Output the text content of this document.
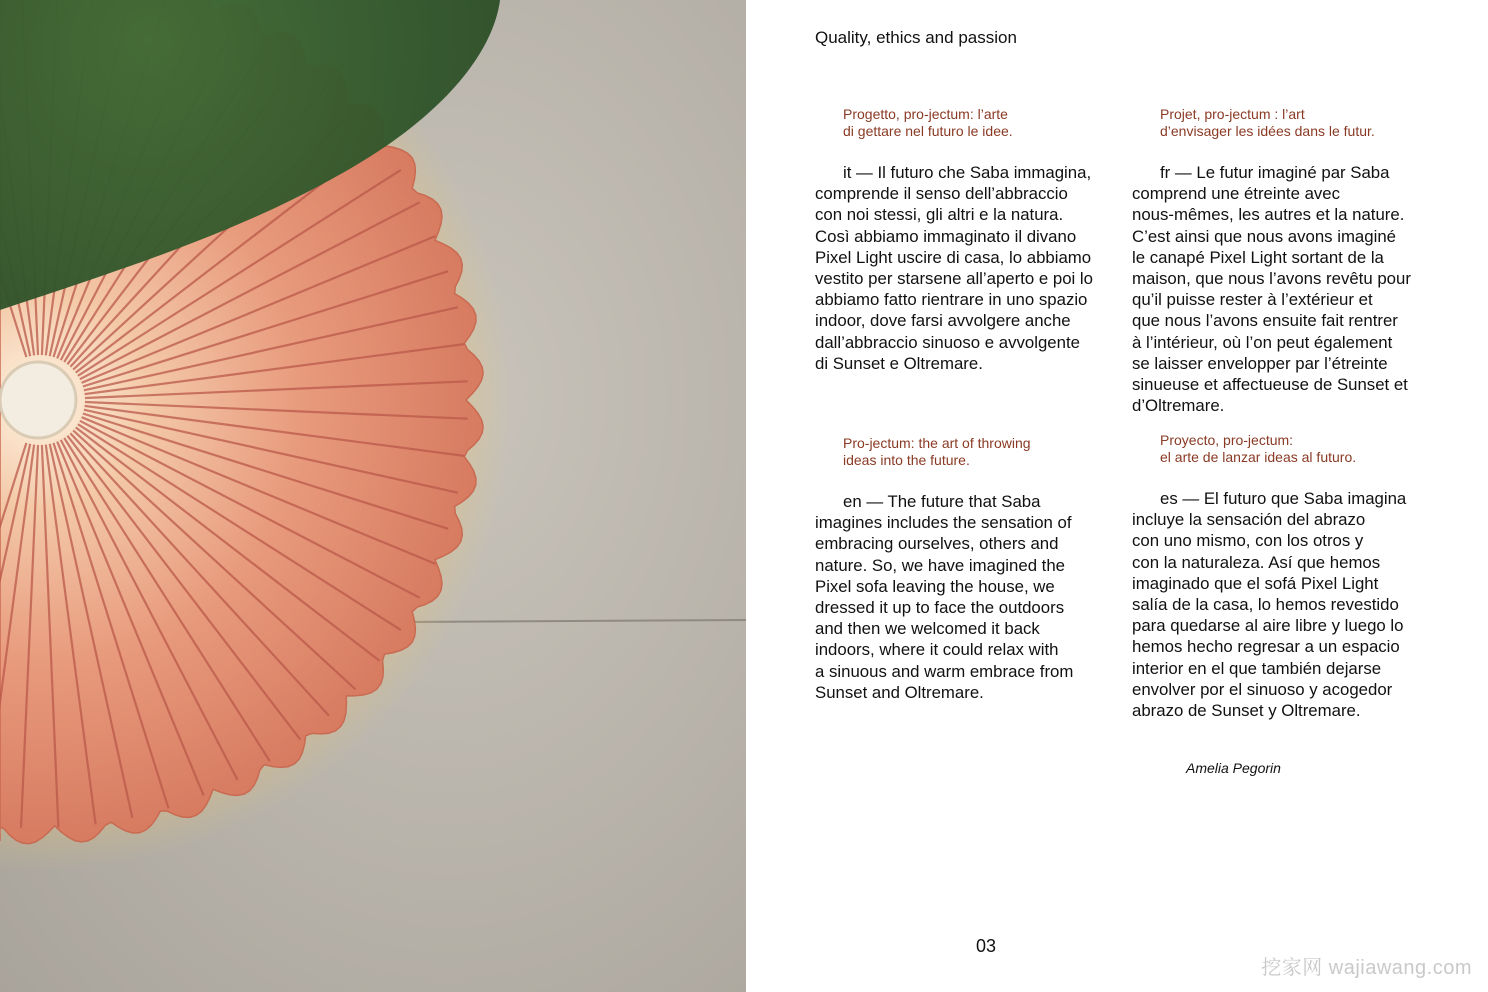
Quality, ethics and passion
Progetto, pro-jectum: l’arte
di gettare nel futuro le idee.
it — Il futuro che Saba immagina,
comprende il senso dell’abbraccio
con noi stessi, gli altri e la natura.
Così abbiamo immaginato il divano
Pixel Light uscire di casa, lo abbiamo
vestito per starsene all’aperto e poi lo
abbiamo fatto rientrare in uno spazio
indoor, dove farsi avvolgere anche
dall’abbraccio sinuoso e avvolgente
di Sunset e Oltremare.
Projet, pro-jectum : l’art
d’envisager les idées dans le futur.
fr — Le futur imaginé par Saba
comprend une étreinte avec
nous-mêmes, les autres et la nature.
C’est ainsi que nous avons imaginé
le canapé Pixel Light sortant de la
maison, que nous l’avons revêtu pour
qu’il puisse rester à l’extérieur et
que nous l’avons ensuite fait rentrer
à l’intérieur, où l’on peut également
se laisser envelopper par l’étreinte
sinueuse et affectueuse de Sunset et
d’Oltremare.
Pro-jectum: the art of throwing
ideas into the future.
en — The future that Saba
imagines includes the sensation of
embracing ourselves, others and
nature. So, we have imagined the
Pixel sofa leaving the house, we
dressed it up to face the outdoors
and then we welcomed it back
indoors, where it could relax with
a sinuous and warm embrace from
Sunset and Oltremare.
Proyecto, pro-jectum:
el arte de lanzar ideas al futuro.
es — El futuro que Saba imagina
incluye la sensación del abrazo
con uno mismo, con los otros y
con la naturaleza. Así que hemos
imaginado que el sofá Pixel Light
salía de la casa, lo hemos revestido
para quedarse al aire libre y luego lo
hemos hecho regresar a un espacio
interior en el que también dejarse
envolver por el sinuoso y acogedor
abrazo de Sunset y Oltremare.
Amelia Pegorin
03
挖家网 wajiawang.com
